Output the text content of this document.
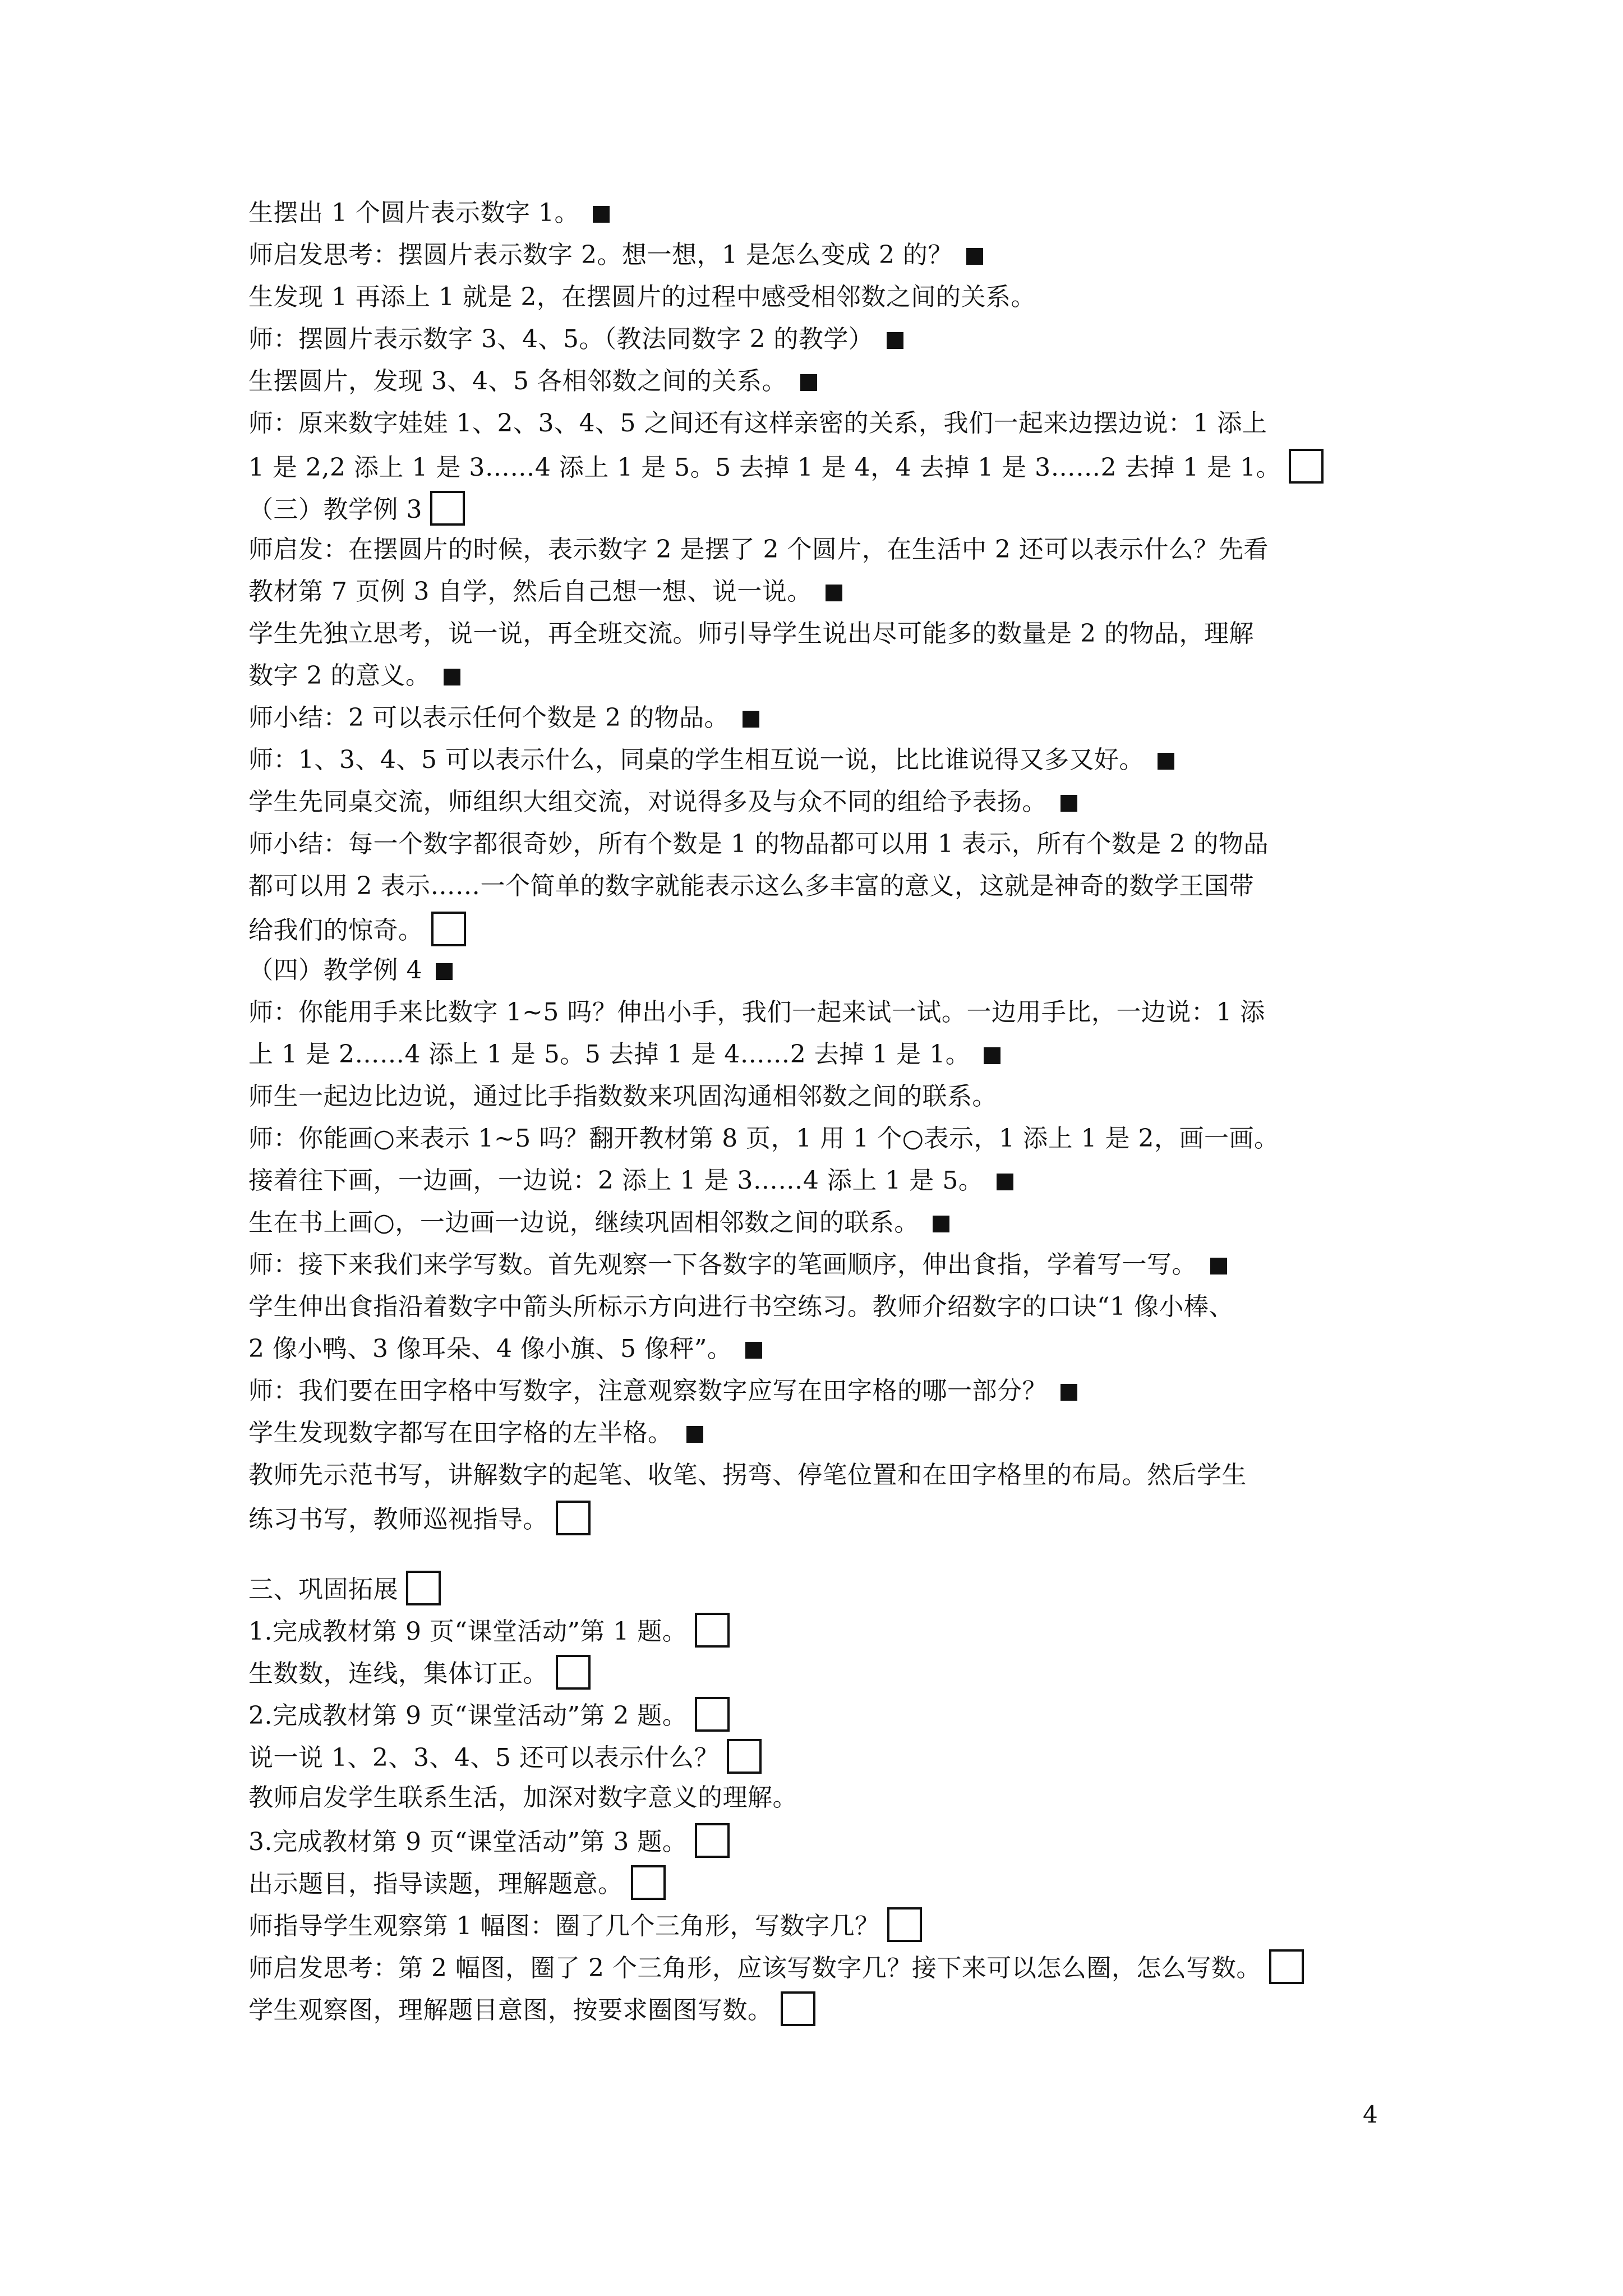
生摆出 1 个圆片表示数字 1。
师启发思考：摆圆片表示数字 2。想一想，1 是怎么变成 2 的？
生发现 1 再添上 1 就是 2，在摆圆片的过程中感受相邻数之间的关系。
师：摆圆片表示数字 3、4、5。（教法同数字 2 的教学）
生摆圆片，发现 3、4、5 各相邻数之间的关系。
师：原来数字娃娃 1、2、3、4、5 之间还有这样亲密的关系，我们一起来边摆边说：1 添上
1 是 2,2 添上 1 是 3……4 添上 1 是 5。5 去掉 1 是 4，4 去掉 1 是 3……2 去掉 1 是 1。
（三）教学例 3
师启发：在摆圆片的时候，表示数字 2 是摆了 2 个圆片，在生活中 2 还可以表示什么？先看
教材第 7 页例 3 自学，然后自己想一想、说一说。
学生先独立思考，说一说，再全班交流。师引导学生说出尽可能多的数量是 2 的物品，理解
数字 2 的意义。
师小结：2 可以表示任何个数是 2 的物品。
师：1、3、4、5 可以表示什么，同桌的学生相互说一说，比比谁说得又多又好。
学生先同桌交流，师组织大组交流，对说得多及与众不同的组给予表扬。
师小结：每一个数字都很奇妙，所有个数是 1 的物品都可以用 1 表示，所有个数是 2 的物品
都可以用 2 表示……一个简单的数字就能表示这么多丰富的意义，这就是神奇的数学王国带
给我们的惊奇。
（四）教学例 4
师：你能用手来比数字 1~5 吗？伸出小手，我们一起来试一试。一边用手比，一边说：1 添
上 1 是 2……4 添上 1 是 5。5 去掉 1 是 4……2 去掉 1 是 1。
师生一起边比边说，通过比手指数数来巩固沟通相邻数之间的联系。
师：你能画○来表示 1~5 吗？翻开教材第 8 页，1 用 1 个○表示，1 添上 1 是 2，画一画。
接着往下画，一边画，一边说：2 添上 1 是 3……4 添上 1 是 5。
生在书上画○，一边画一边说，继续巩固相邻数之间的联系。
师：接下来我们来学写数。首先观察一下各数字的笔画顺序，伸出食指，学着写一写。
学生伸出食指沿着数字中箭头所标示方向进行书空练习。教师介绍数字的口诀“1 像小棒、
2 像小鸭、3 像耳朵、4 像小旗、5 像秤”。
师：我们要在田字格中写数字，注意观察数字应写在田字格的哪一部分？
学生发现数字都写在田字格的左半格。
教师先示范书写，讲解数字的起笔、收笔、拐弯、停笔位置和在田字格里的布局。然后学生
练习书写，教师巡视指导。
三、巩固拓展
1.完成教材第 9 页“课堂活动”第 1 题。
生数数，连线，集体订正。
2.完成教材第 9 页“课堂活动”第 2 题。
说一说 1、2、3、4、5 还可以表示什么？
教师启发学生联系生活，加深对数字意义的理解。
3.完成教材第 9 页“课堂活动”第 3 题。
出示题目，指导读题，理解题意。
师指导学生观察第 1 幅图：圈了几个三角形，写数字几？
师启发思考：第 2 幅图，圈了 2 个三角形，应该写数字几？接下来可以怎么圈，怎么写数。
学生观察图，理解题目意图，按要求圈图写数。
4
